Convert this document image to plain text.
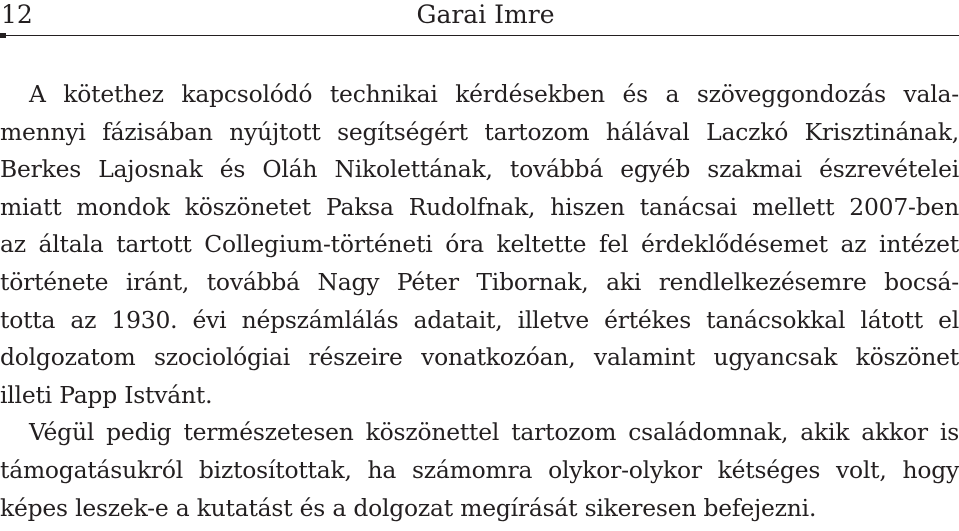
12	Garai Imre
A kötethez kapcsolódó technikai kérdésekben és a szöveggondozás vala-
mennyi fázisában nyújtott segítségért tartozom hálával Laczkó Krisztinának,
Berkes Lajosnak és Oláh Nikolettának, továbbá egyéb szakmai észrevételei
miatt mondok köszönetet Paksa Rudolfnak, hiszen tanácsai mellett 2007-ben
az általa tartott Collegium-történeti óra keltette fel érdeklődésemet az intézet
története iránt, továbbá Nagy Péter Tibornak, aki rendlelkezésemre bocsá-
totta az 1930. évi népszámlálás adatait, illetve értékes tanácsokkal látott el
dolgozatom szociológiai részeire vonatkozóan, valamint ugyancsak köszönet
illeti Papp Istvánt.
Végül pedig természetesen köszönettel tartozom családomnak, akik akkor is
támogatásukról biztosítottak, ha számomra olykor-olykor kétséges volt, hogy
képes leszek-e a kutatást és a dolgozat megírását sikeresen befejezni.
